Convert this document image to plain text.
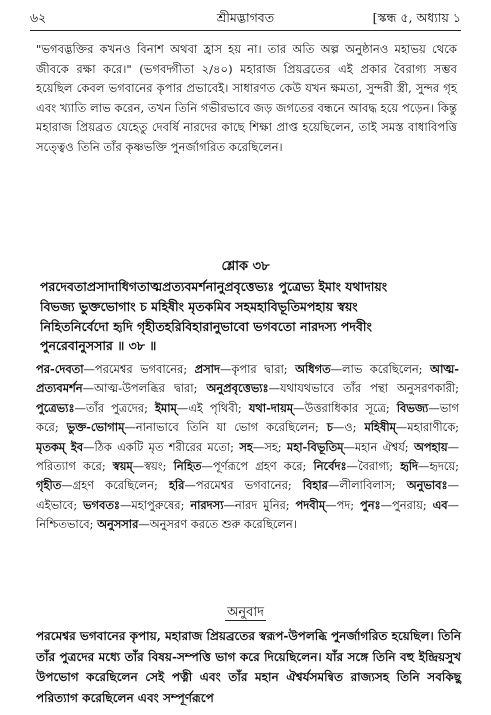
৬২	শ্রীমদ্ভাগবত	[স্কন্ধ ৫, অধ্যায় ১
"ভগবদ্ভক্তির কখনও বিনাশ অথবা হ্রাস হয় না। তার অতি অল্প অনুষ্ঠানও মহাভয় থেকে জীবকে রক্ষা করে।" (ভগবদ্গীতা ২/৪০) মহারাজ প্রিয়ব্রতের এই প্রকার বৈরাগ্য সম্ভব হয়েছিল কেবল ভগবানের কৃপার প্রভাবেই। সাধারণত কেউ যখন ক্ষমতা, সুন্দরী স্ত্রী, সুন্দর গৃহ এবং খ্যাতি লাভ করেন, তখন তিনি গভীরভাবে জড় জগতের বন্ধনে আবদ্ধ হয়ে পড়েন। কিন্তু মহারাজ প্রিয়ব্রত যেহেতু দেবর্ষি নারদের কাছে শিক্ষা প্রাপ্ত হয়েছিলেন, তাই সমস্ত বাধাবিপত্তি সত্ত্বেও তিনি তাঁর কৃষ্ণভক্তি পুনর্জাগরিত করেছিলেন।
শ্লোক ৩৮
পরদেবতাপ্রসাদাধিগতাত্মপ্রত্যবমর্শনানুপ্রবৃত্তেভ্যঃ পুত্রেভ্য ইমাং যথাদায়ং
বিভজ্য ভুক্তভোগাং চ মহিষীং মৃতকমিব সহমহাবিভূতিমপহায় স্বয়ং
নিহিতনির্বেদো হৃদি গৃহীতহরিবিহারানুভাবো ভগবতো নারদস্য পদবীং
পুনরেবানুসসার ॥ ৩৮ ॥
পর-দেবতা—পরমেশ্বর ভগবানের; প্রসাদ—কৃপার দ্বারা; অধিগত—লাভ করেছিলেন; আত্ম-প্রত্যবমর্শন—আত্ম-উপলব্ধির দ্বারা; অনুপ্রবৃত্তেভ্যঃ—যথাযথভাবে তাঁর পন্থা অনুসরণকারী; পুত্রেভ্যঃ—তাঁর পুত্রদের; ইমাম্—এই পৃথিবী; যথা-দায়ম্—উত্তরাধিকার সূত্রে; বিভজ্য—ভাগ করে; ভুক্ত-ভোগাম্—নানাভাবে তিনি যা ভোগ করেছিলেন; চ—ও; মহিষীম্—মহারাণীকে; মৃতকম্ ইব—ঠিক একটি মৃত শরীরের মতো; সহ—সহ; মহা-বিভূতিম্—মহান ঐশ্বর্য; অপহায়—পরিত্যাগ করে; স্বয়ম্—স্বয়ং; নিহিত—পূর্ণরূপে গ্রহণ করে; নির্বেদঃ—বৈরাগ্য; হৃদি—হৃদয়ে; গৃহীত—গ্রহণ করেছিলেন; হরি—পরমেশ্বর ভগবানের; বিহার—লীলাবিলাস; অনুভাবঃ—এইভাবে; ভগবতঃ—মহাপুরুষের; নারদস্য—নারদ মুনির; পদবীম্—পদ; পুনঃ—পুনরায়; এব—নিশ্চিতভাবে; অনুসসার—অনুসরণ করতে শুরু করেছিলেন।
অনুবাদ
পরমেশ্বর ভগবানের কৃপায়, মহারাজ প্রিয়ব্রতের স্বরূপ-উপলব্ধি পুনর্জাগরিত হয়েছিল। তিনি তাঁর পুত্রদের মধ্যে তাঁর বিষয়-সম্পত্তি ভাগ করে দিয়েছিলেন। যাঁর সঙ্গে তিনি বহু ইন্দ্রিয়সুখ উপভোগ করেছিলেন সেই পত্নী এবং তাঁর মহান ঐশ্বর্যসমন্বিত রাজ্যসহ তিনি সবকিছু পরিত্যাগ করেছিলেন এবং সম্পূর্ণরূপে
